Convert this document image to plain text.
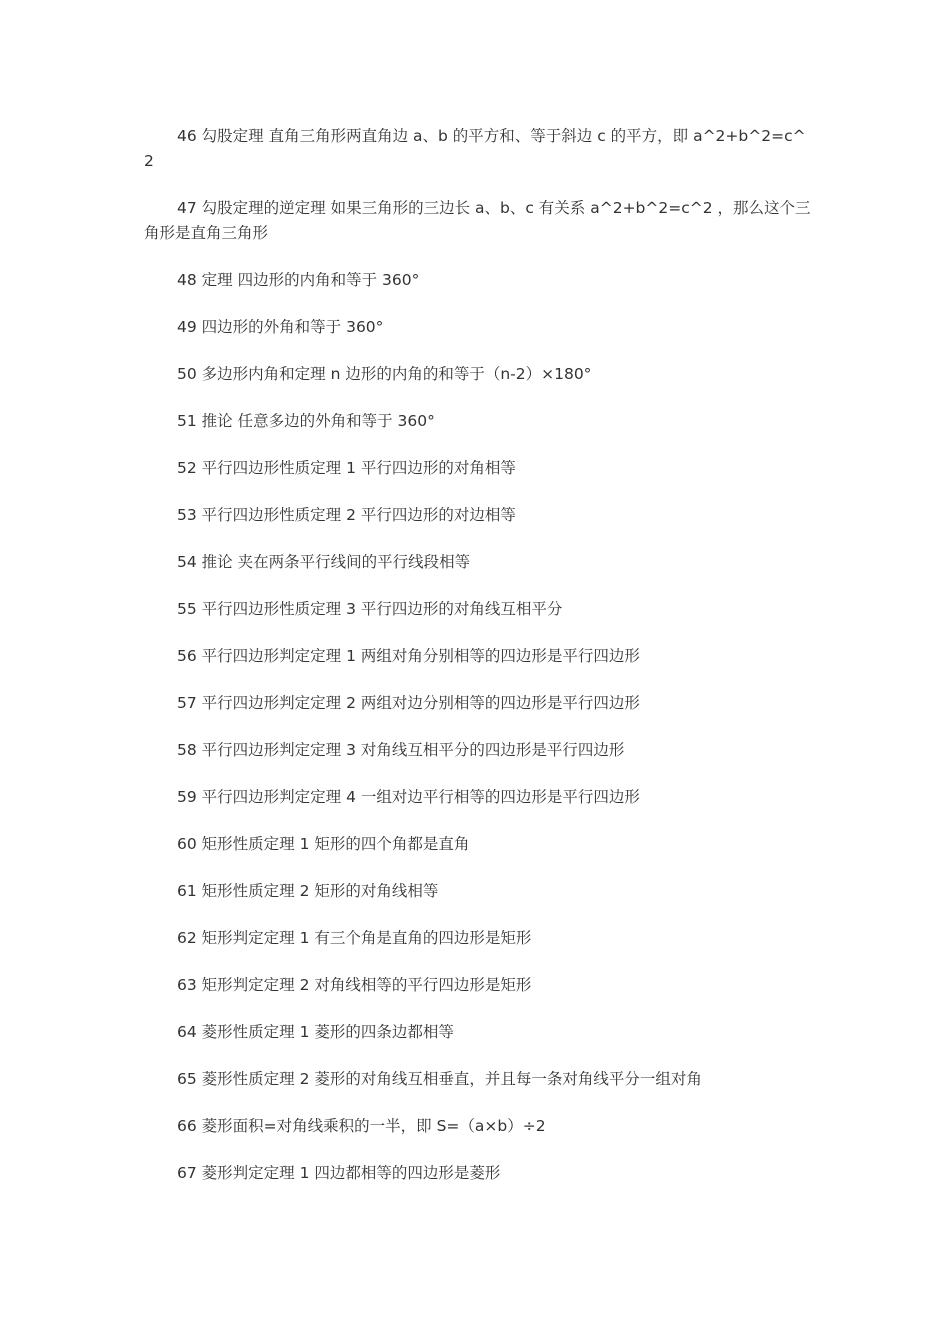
46 勾股定理 直角三角形两直角边 a、b 的平方和、等于斜边 c 的平方，即 a^2+b^2=c^2

47 勾股定理的逆定理 如果三角形的三边长 a、b、c 有关系 a^2+b^2=c^2 ，那么这个三角形是直角三角形

48 定理 四边形的内角和等于 360°

49 四边形的外角和等于 360°

50 多边形内角和定理 n 边形的内角的和等于（n-2）×180°

51 推论 任意多边的外角和等于 360°

52 平行四边形性质定理 1 平行四边形的对角相等

53 平行四边形性质定理 2 平行四边形的对边相等

54 推论 夹在两条平行线间的平行线段相等

55 平行四边形性质定理 3 平行四边形的对角线互相平分

56 平行四边形判定定理 1 两组对角分别相等的四边形是平行四边形

57 平行四边形判定定理 2 两组对边分别相等的四边形是平行四边形

58 平行四边形判定定理 3 对角线互相平分的四边形是平行四边形

59 平行四边形判定定理 4 一组对边平行相等的四边形是平行四边形

60 矩形性质定理 1 矩形的四个角都是直角

61 矩形性质定理 2 矩形的对角线相等

62 矩形判定定理 1 有三个角是直角的四边形是矩形

63 矩形判定定理 2 对角线相等的平行四边形是矩形

64 菱形性质定理 1 菱形的四条边都相等

65 菱形性质定理 2 菱形的对角线互相垂直，并且每一条对角线平分一组对角

66 菱形面积=对角线乘积的一半，即 S=（a×b）÷2

67 菱形判定定理 1 四边都相等的四边形是菱形
